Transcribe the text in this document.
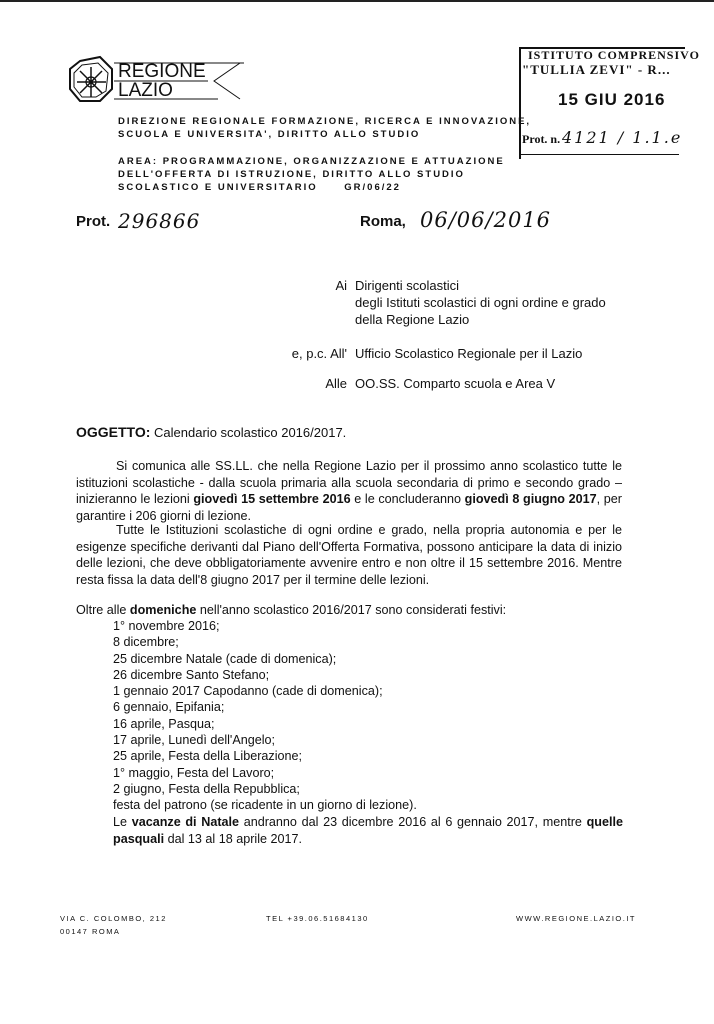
REGIONE
LAZIO
DIREZIONE REGIONALE FORMAZIONE, RICERCA E INNOVAZIONE,
SCUOLA E UNIVERSITA', DIRITTO ALLO STUDIO
ISTITUTO COMPRENSIVO
"TULLIA ZEVI" - R...
15 GIU 2016
Prot. n. 4121 / 1.1.e
AREA: PROGRAMMAZIONE, ORGANIZZAZIONE E ATTUAZIONE
DELL'OFFERTA DI ISTRUZIONE, DIRITTO ALLO STUDIO
SCOLASTICO E UNIVERSITARIO	GR/06/22
Prot. 296866	Roma, 06/06/2016
Ai Dirigenti scolastici
degli Istituti scolastici di ogni ordine e grado
della Regione Lazio
e, p.c. All' Ufficio Scolastico Regionale per il Lazio
Alle OO.SS. Comparto scuola e Area V
OGGETTO: Calendario scolastico 2016/2017.
Si comunica alle SS.LL. che nella Regione Lazio per il prossimo anno scolastico tutte le istituzioni scolastiche - dalla scuola primaria alla scuola secondaria di primo e secondo grado – inizieranno le lezioni giovedì 15 settembre 2016 e le concluderanno giovedì 8 giugno 2017, per garantire i 206 giorni di lezione.
Tutte le Istituzioni scolastiche di ogni ordine e grado, nella propria autonomia e per le esigenze specifiche derivanti dal Piano dell'Offerta Formativa, possono anticipare la data di inizio delle lezioni, che deve obbligatoriamente avvenire entro e non oltre il 15 settembre 2016. Mentre resta fissa la data dell'8 giugno 2017 per il termine delle lezioni.
Oltre alle domeniche nell'anno scolastico 2016/2017 sono considerati festivi:
1° novembre 2016;
8 dicembre;
25 dicembre Natale (cade di domenica);
26 dicembre Santo Stefano;
1 gennaio 2017 Capodanno (cade di domenica);
6 gennaio, Epifania;
16 aprile, Pasqua;
17 aprile, Lunedì dell'Angelo;
25 aprile, Festa della Liberazione;
1° maggio, Festa del Lavoro;
2 giugno, Festa della Repubblica;
festa del patrono (se ricadente in un giorno di lezione).
Le vacanze di Natale andranno dal 23 dicembre 2016 al 6 gennaio 2017, mentre quelle pasquali dal 13 al 18 aprile 2017.
VIA C. COLOMBO, 212
00147 ROMA
TEL +39.06.51684130	WWW.REGIONE.LAZIO.IT
